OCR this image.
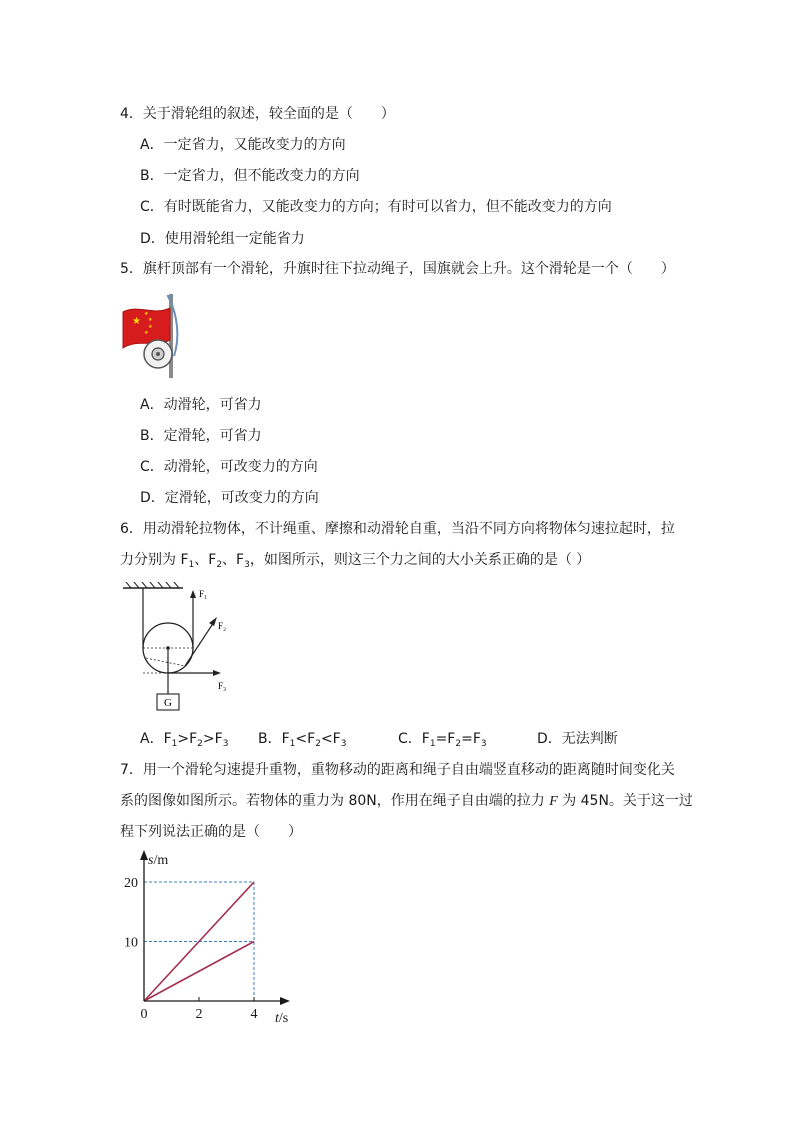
4．关于滑轮组的叙述，较全面的是（　　）
A．一定省力，又能改变力的方向
B．一定省力，但不能改变力的方向
C．有时既能省力，又能改变力的方向；有时可以省力，但不能改变力的方向
D．使用滑轮组一定能省力
5．旗杆顶部有一个滑轮，升旗时往下拉动绳子，国旗就会上升。这个滑轮是一个（　　）
★
★
★
★
★
A．动滑轮，可省力
B．定滑轮，可省力
C．动滑轮，可改变力的方向
D．定滑轮，可改变力的方向
6．用动滑轮拉物体，不计绳重、摩擦和动滑轮自重，当沿不同方向将物体匀速拉起时，拉
力分别为 $F_1$、$F_2$、$F_3$，如图所示，则这三个力之间的大小关系正确的是（ ）
G
F₁
F₂
F₃
A．$F_1>F_2>F_3$ B．$F_1<F_2<F_3$	C．$F_1=F_2=F_3$	D．无法判断
7．用一个滑轮匀速提升重物，重物移动的距离和绳子自由端竖直移动的距离随时间变化关
系的图像如图所示。若物体的重力为 80N，作用在绳子自由端的拉力 F 为 45N。关于这一过
程下列说法正确的是（　　）
s/m
t/s
0	2	4
10
20
